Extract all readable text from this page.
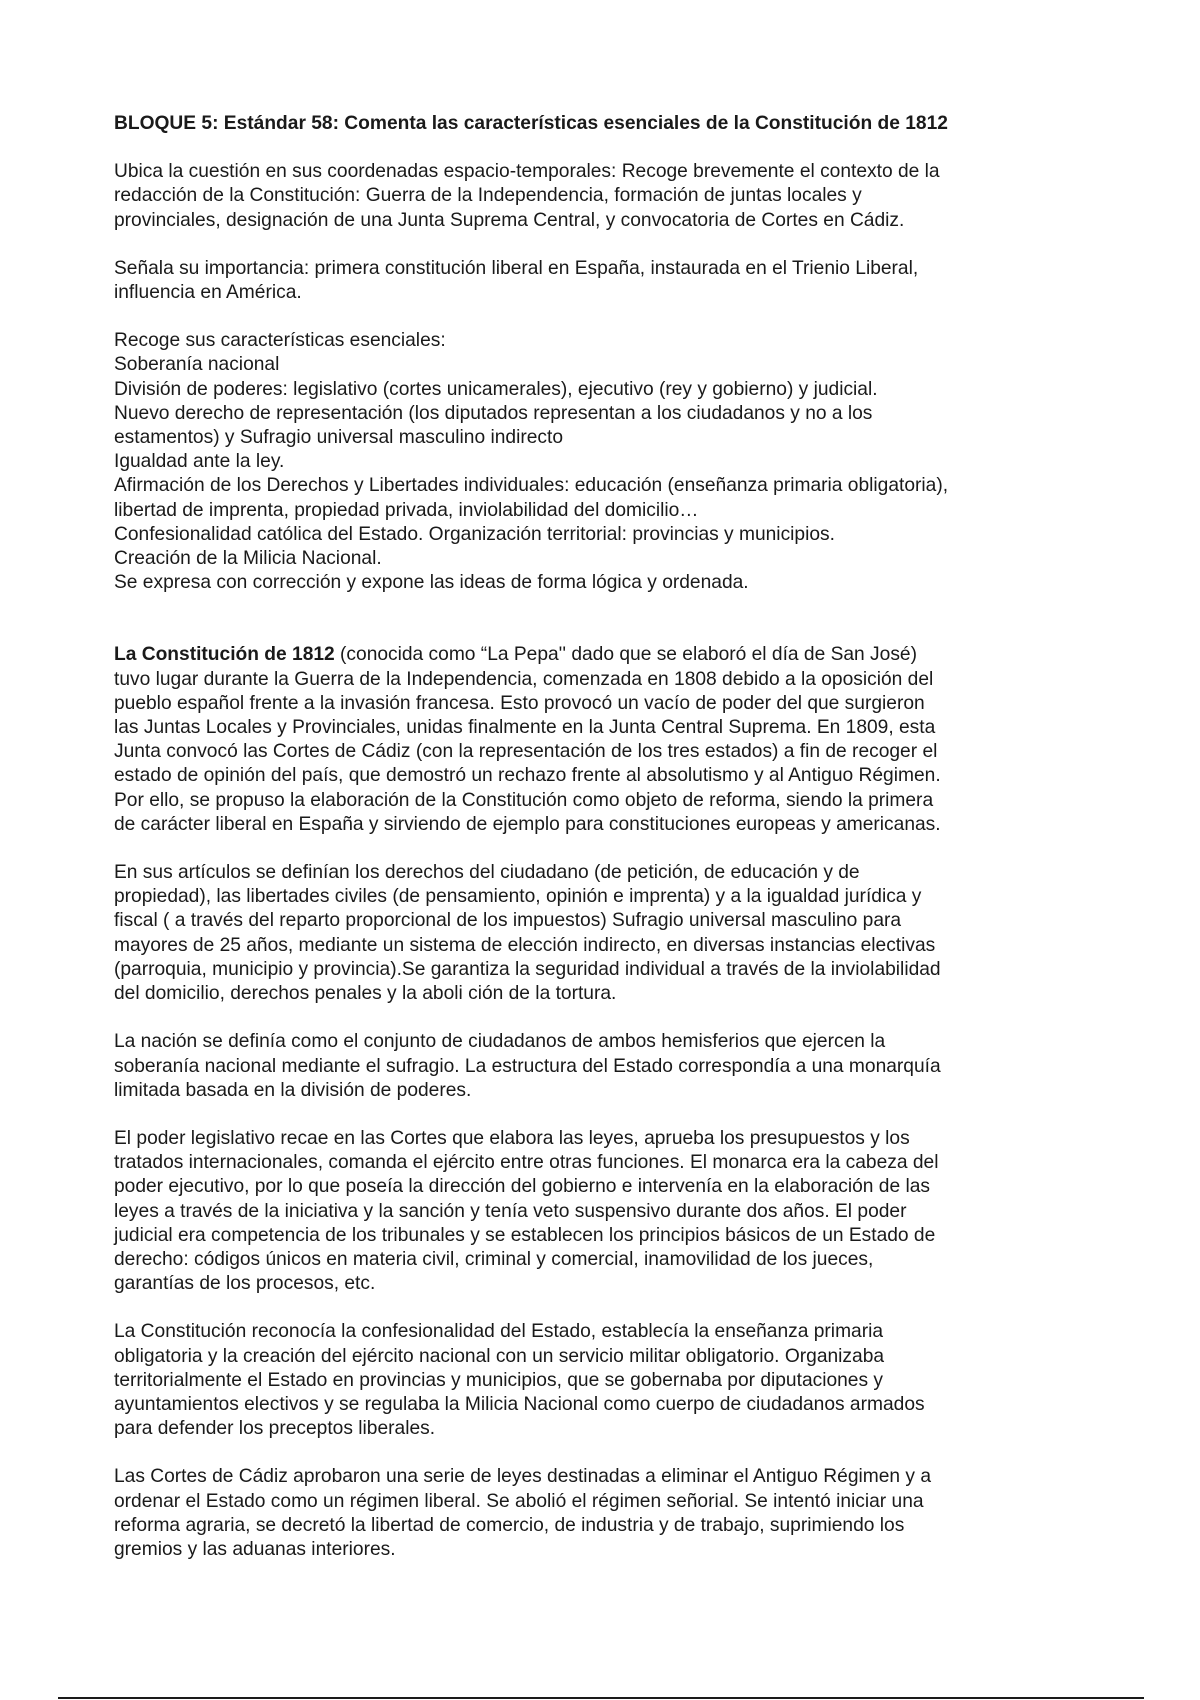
BLOQUE 5: Estándar 58: Comenta las características esenciales de la Constitución de 1812

Ubica la cuestión en sus coordenadas espacio-temporales: Recoge brevemente el contexto de la
redacción de la Constitución: Guerra de la Independencia, formación de juntas locales y
provinciales, designación de una Junta Suprema Central, y convocatoria de Cortes en Cádiz.

Señala su importancia: primera constitución liberal en España, instaurada en el Trienio Liberal,
influencia en América.

Recoge sus características esenciales:
Soberanía nacional
División de poderes: legislativo (cortes unicamerales), ejecutivo (rey y gobierno) y judicial.
Nuevo derecho de representación (los diputados representan a los ciudadanos y no a los
estamentos) y Sufragio universal masculino indirecto
Igualdad ante la ley.
Afirmación de los Derechos y Libertades individuales: educación (enseñanza primaria obligatoria),
libertad de imprenta, propiedad privada, inviolabilidad del domicilio…
Confesionalidad católica del Estado. Organización territorial: provincias y municipios.
Creación de la Milicia Nacional.
Se expresa con corrección y expone las ideas de forma lógica y ordenada.

La Constitución de 1812 (conocida como “La Pepa'' dado que se elaboró el día de San José)
tuvo lugar durante la Guerra de la Independencia, comenzada en 1808 debido a la oposición del
pueblo español frente a la invasión francesa. Esto provocó un vacío de poder del que surgieron
las Juntas Locales y Provinciales, unidas finalmente en la Junta Central Suprema. En 1809, esta
Junta convocó las Cortes de Cádiz (con la representación de los tres estados) a fin de recoger el
estado de opinión del país, que demostró un rechazo frente al absolutismo y al Antiguo Régimen.
Por ello, se propuso la elaboración de la Constitución como objeto de reforma, siendo la primera
de carácter liberal en España y sirviendo de ejemplo para constituciones europeas y americanas.

En sus artículos se definían los derechos del ciudadano (de petición, de educación y de
propiedad), las libertades civiles (de pensamiento, opinión e imprenta) y a la igualdad jurídica y
fiscal ( a través del reparto proporcional de los impuestos) Sufragio universal masculino para
mayores de 25 años, mediante un sistema de elección indirecto, en diversas instancias electivas
(parroquia, municipio y provincia).Se garantiza la seguridad individual a través de la inviolabilidad
del domicilio, derechos penales y la aboli ción de la tortura.

La nación se definía como el conjunto de ciudadanos de ambos hemisferios que ejercen la
soberanía nacional mediante el sufragio. La estructura del Estado correspondía a una monarquía
limitada basada en la división de poderes.

El poder legislativo recae en las Cortes que elabora las leyes, aprueba los presupuestos y los
tratados internacionales, comanda el ejército entre otras funciones. El monarca era la cabeza del
poder ejecutivo, por lo que poseía la dirección del gobierno e intervenía en la elaboración de las
leyes a través de la iniciativa y la sanción y tenía veto suspensivo durante dos años. El poder
judicial era competencia de los tribunales y se establecen los principios básicos de un Estado de
derecho: códigos únicos en materia civil, criminal y comercial, inamovilidad de los jueces,
garantías de los procesos, etc.

La Constitución reconocía la confesionalidad del Estado, establecía la enseñanza primaria
obligatoria y la creación del ejército nacional con un servicio militar obligatorio. Organizaba
territorialmente el Estado en provincias y municipios, que se gobernaba por diputaciones y
ayuntamientos electivos y se regulaba la Milicia Nacional como cuerpo de ciudadanos armados
para defender los preceptos liberales.

Las Cortes de Cádiz aprobaron una serie de leyes destinadas a eliminar el Antiguo Régimen y a
ordenar el Estado como un régimen liberal. Se abolió el régimen señorial. Se intentó iniciar una
reforma agraria, se decretó la libertad de comercio, de industria y de trabajo, suprimiendo los
gremios y las aduanas interiores.
